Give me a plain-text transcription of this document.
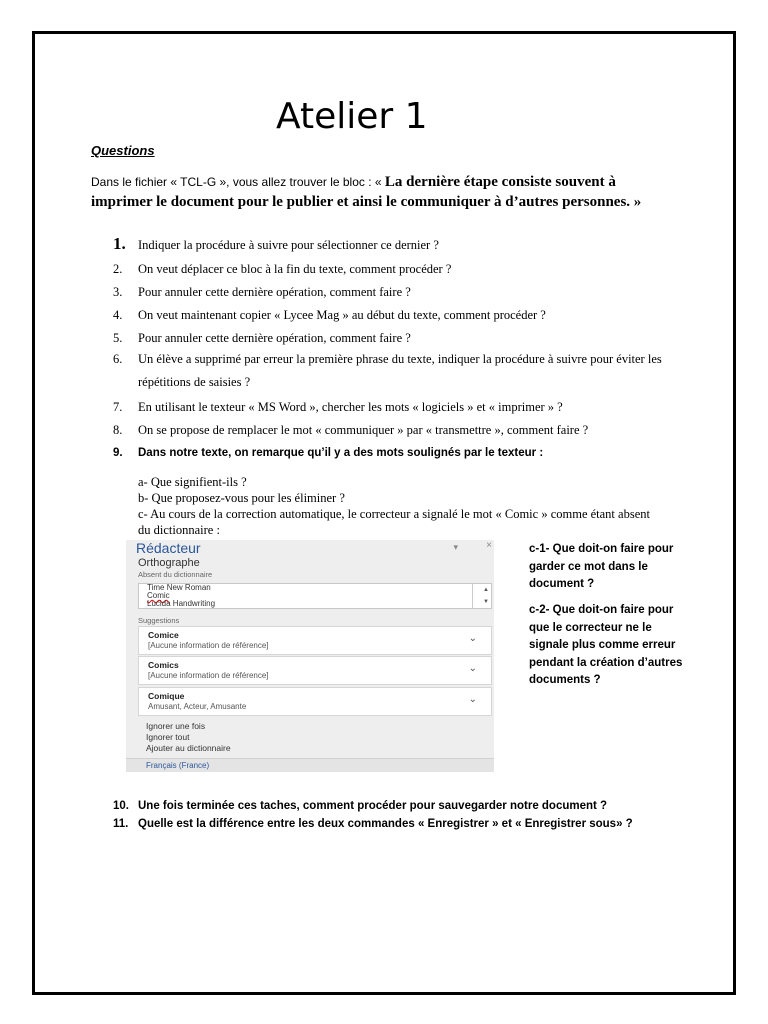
Atelier 1
Questions
Dans le fichier « TCL-G », vous allez trouver le bloc : « La dernière étape consiste souvent à imprimer le document pour le publier et ainsi le communiquer à d’autres personnes. »
1. Indiquer la procédure à suivre pour sélectionner ce dernier ?
2. On veut déplacer ce bloc à la fin du texte, comment procéder ?
3. Pour annuler cette dernière opération, comment faire ?
4. On veut maintenant copier « Lycee Mag » au début du texte, comment procéder ?
5. Pour annuler cette dernière opération, comment faire ?
6. Un élève a supprimé par erreur la première phrase du texte, indiquer la procédure à suivre pour éviter les répétitions de saisies ?
7. En utilisant le texteur « MS Word », chercher les mots « logiciels » et « imprimer » ?
8. On se propose de remplacer le mot « communiquer » par « transmettre », comment faire ?
9. Dans notre texte, on remarque qu’il y a des mots soulignés par le texteur :
a- Que signifient-ils ?
b- Que proposez-vous pour les éliminer ?
c- Au cours de la correction automatique, le correcteur a signalé le mot « Comic » comme étant absent du dictionnaire :
Rédacteur	▾	×
Orthographe
Absent du dictionnaire
Time New Roman
Comic
Lucida Handwriting
▲
▼
Suggestions
Comice
[Aucune information de référence]
⌄
Comics
[Aucune information de référence]
⌄
Comique
Amusant, Acteur, Amusante
⌄
Ignorer une fois
Ignorer tout
Ajouter au dictionnaire
Français (France)
c-1- Que doit-on faire pour garder ce mot dans le document ?
c-2- Que doit-on faire pour que le correcteur ne le signale plus comme erreur pendant la création d’autres documents ?
10. Une fois terminée ces taches, comment procéder pour sauvegarder notre document ?
11. Quelle est la différence entre les deux commandes « Enregistrer » et « Enregistrer sous» ?
